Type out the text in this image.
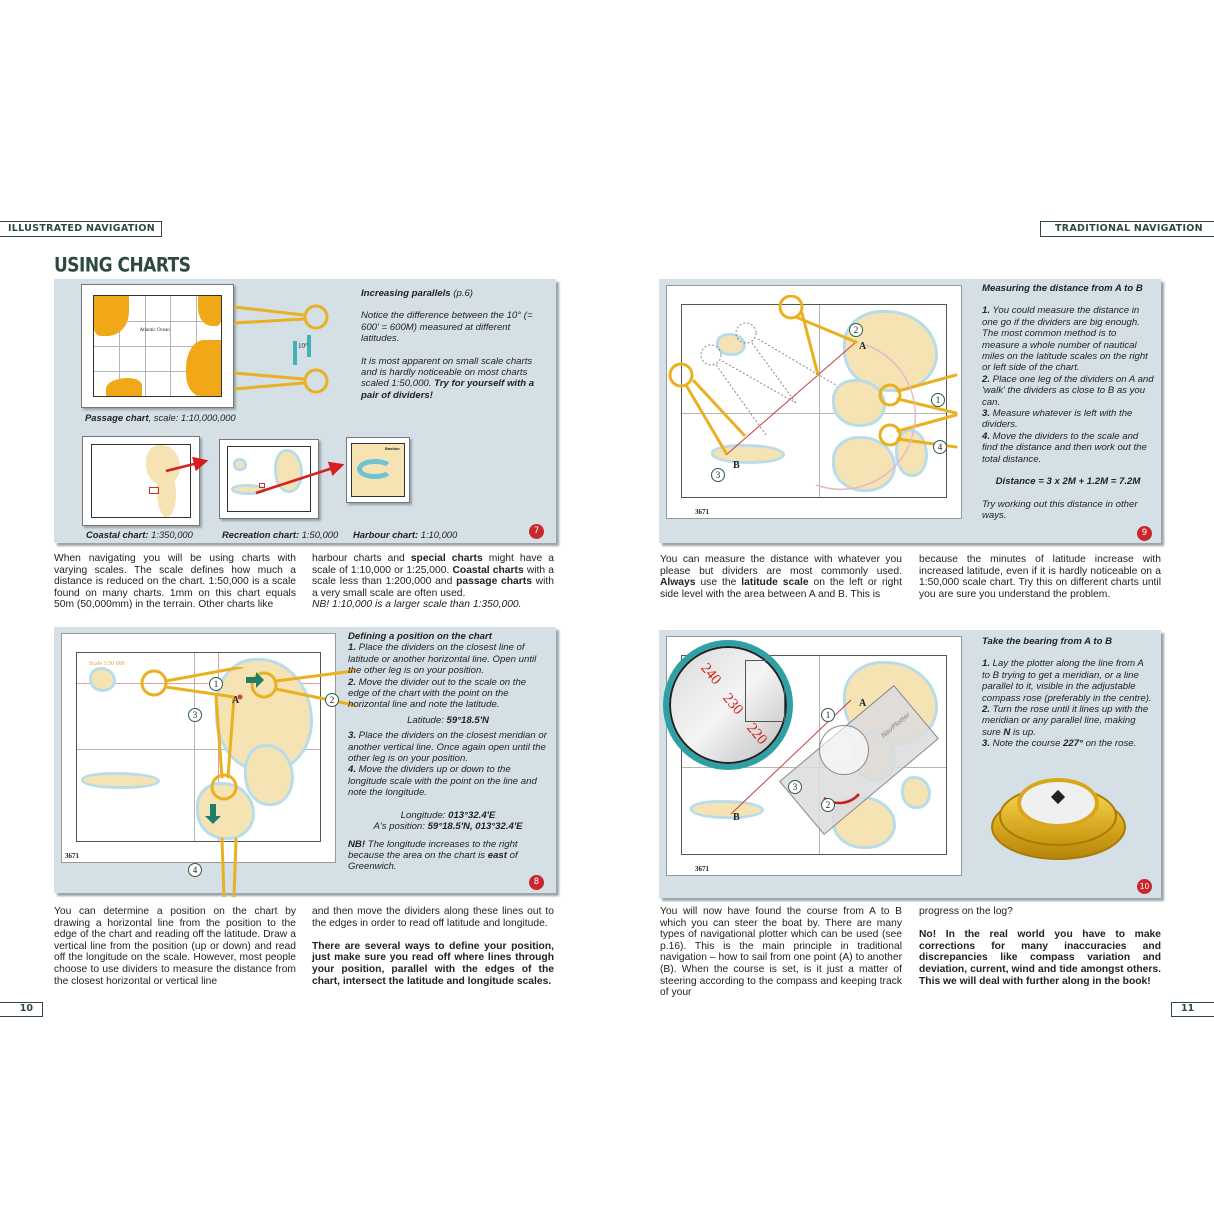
ILLUSTRATED NAVIGATION	TRADITIONAL NAVIGATION
USING CHARTS
Atlantic Ocean
10°

Increasing parallels (p.6)

Notice the difference between the 10° (= 600' = 600M) measured at different latitudes.

It is most apparent on small scale charts and is hardly noticeable on most charts scaled 1:50,000. Try for yourself with a pair of dividers!

Passage chart, scale: 1:10,000,000
Bastion
Coastal chart: 1:350,000	Recreation chart: 1:50,000 Harbour chart: 1:10,000	7
When navigating you will be using charts with varying scales. The scale defines how much a distance is reduced on the chart. 1:50,000 is a scale found on many charts. 1mm on this chart equals 50m (50,000mm) in the terrain. Other charts like
harbour charts and special charts might have a scale of 1:10,000 or 1:25,000. Coastal charts with a scale less than 1:200,000 and passage charts with a very small scale are often used.
NB! 1:10,000 is a larger scale than 1:350,000.
Scale 1:50 000
3671
A
1
2
3
4

Defining a position on the chart

1. Place the dividers on the closest line of latitude or another horizontal line. Open until the other leg is on your position.

2. Move the divider out to the scale on the edge of the chart with the point on the horizontal line and note the latitude.

Latitude: 59°18.5'N

3. Place the dividers on the closest meridian or another vertical line. Once again open until the other leg is on your position.

4. Move the dividers up or down to the longitude scale with the point on the line and note the longitude.

Longitude: 013°32.4'E

A's position: 59°18.5'N, 013°32.4'E

NB! The longitude increases to the right because the area on the chart is east of Greenwich.

8
You can determine a position on the chart by drawing a horizontal line from the position to the edge of the chart and reading off the latitude. Draw a vertical line from the position (up or down) and read off the longitude on the scale. However, most people choose to use dividers to measure the distance from the closest horizontal or vertical line

and then move the dividers along these lines out to the edges in order to read off latitude and longitude.

There are several ways to define your position, just make sure you read off where lines through your position, parallel with the edges of the chart, intersect the latitude and longitude scales.

10
3671
A
B
1
2
3
4

Measuring the distance from A to B

1. You could measure the distance in one go if the dividers are big enough. The most common method is to measure a whole number of nautical miles on the latitude scales on the right or left side of the chart.

2. Place one leg of the dividers on A and 'walk' the dividers as close to B as you can.

3. Measure whatever is left with the dividers.

4. Move the dividers to the scale and find the distance and then work out the total distance.

Distance = 3 x 2M + 1.2M = 7.2M

Try working out this distance in other ways.

9
You can measure the distance with whatever you please but dividers are most commonly used. Always use the latitude scale on the left or right side level with the area between A and B. This is
because the minutes of latitude increase with increased latitude, even if it is hardly noticeable on a 1:50,000 scale chart. Try this on different charts until you are sure you understand the problem.
3671
NavPlotter
240
230
220
A
B
1
2
3

Take the bearing from A to B

1. Lay the plotter along the line from A to B trying to get a meridian, or a line parallel to it, visible in the adjustable compass rose (preferably in the centre).

2. Turn the rose until it lines up with the meridian or any parallel line, making sure N is up.

3. Note the course 227° on the rose.

10
You will now have found the course from A to B which you can steer the boat by. There are many types of navigational plotter which can be used (see p.16). This is the main principle in traditional navigation – how to sail from one point (A) to another (B). When the course is set, is it just a matter of steering according to the compass and keeping track of your

progress on the log?

No! In the real world you have to make corrections for many inaccuracies and discrepancies like compass variation and deviation, current, wind and tide amongst others. This we will deal with further along in the book!

11
